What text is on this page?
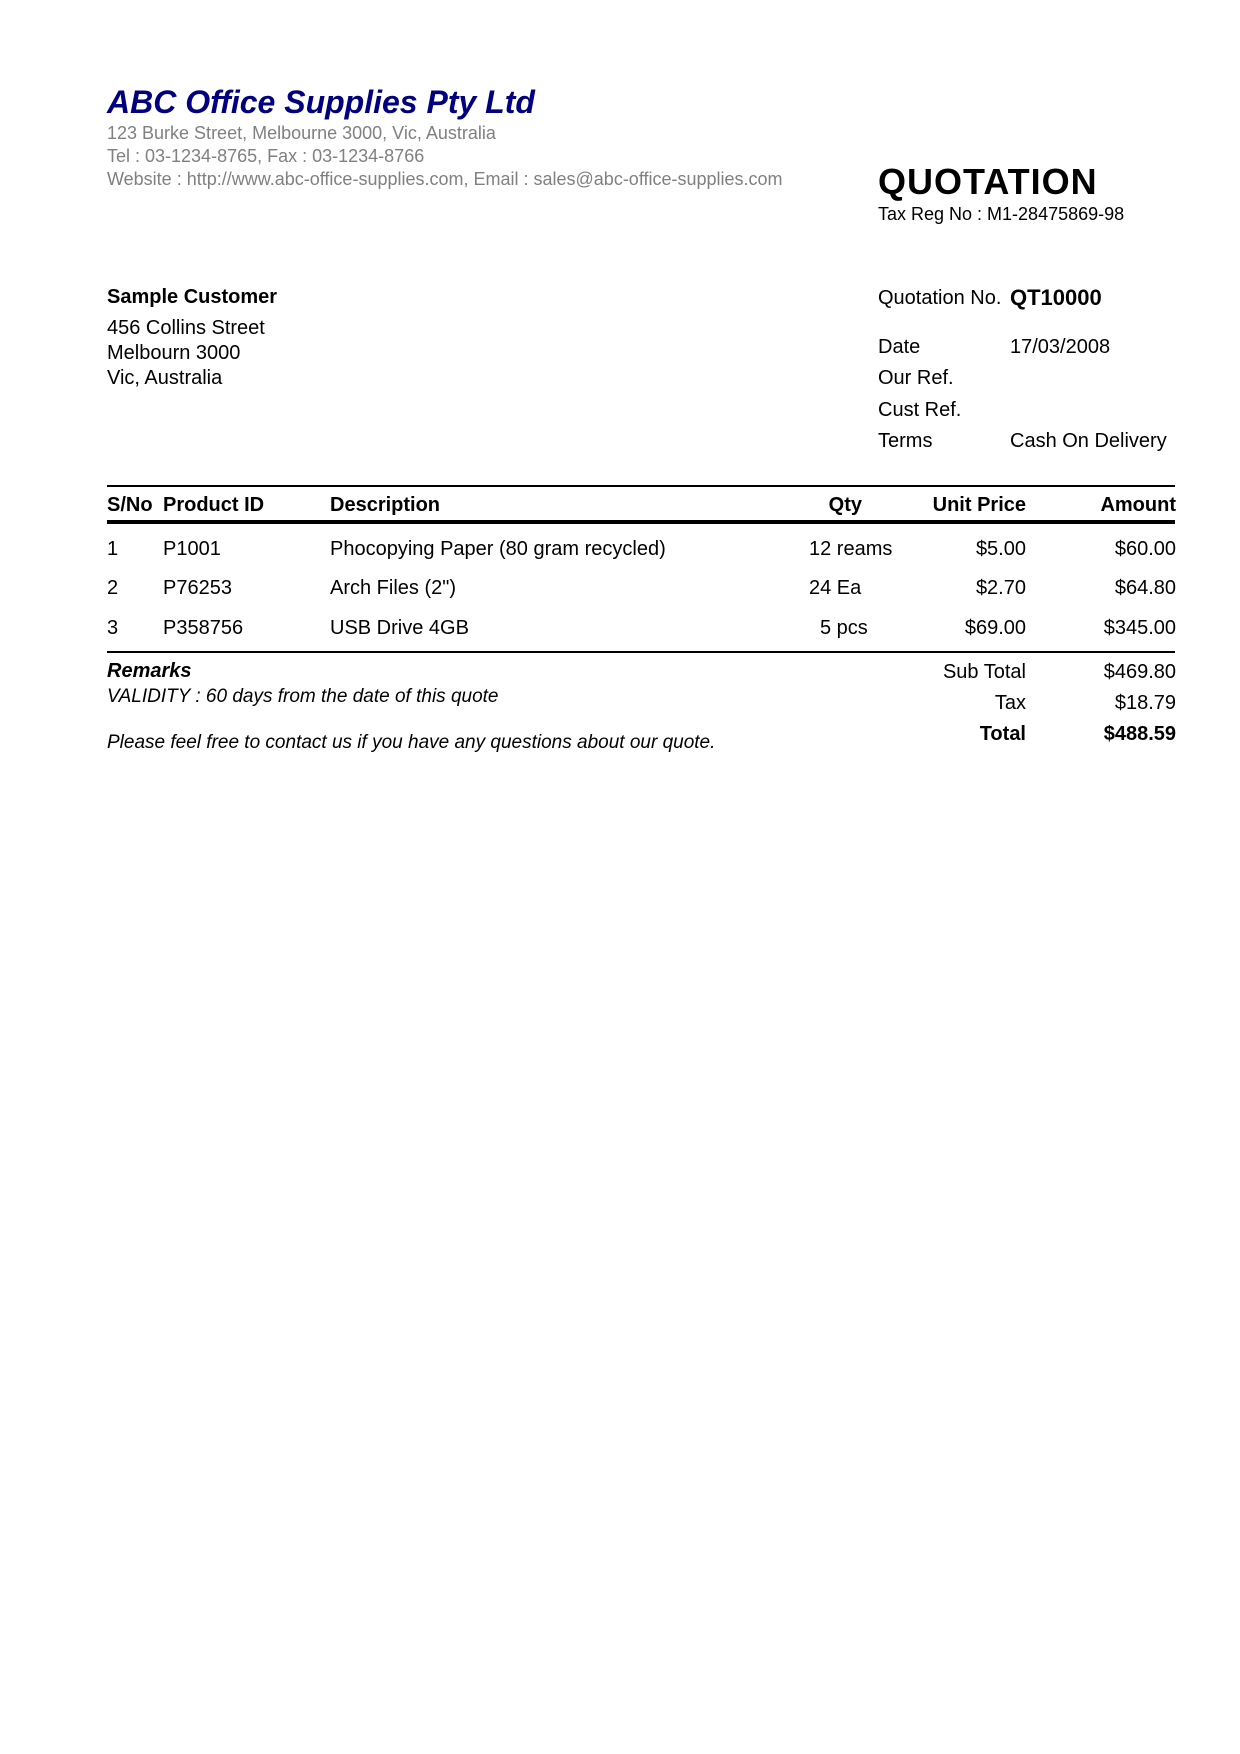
ABC Office Supplies Pty Ltd
123 Burke Street, Melbourne 3000, Vic, Australia
Tel : 03-1234-8765, Fax : 03-1234-8766
Website : http://www.abc-office-supplies.com, Email : sales@abc-office-supplies.com	QUOTATION
Tax Reg No : M1-28475869-98
Sample Customer
456 Collins Street
Melbourn 3000
Vic, Australia
Quotation No. QT10000
Date	17/03/2008
Our Ref.
Cust Ref.
Terms	Cash On Delivery
S/No Product ID	Description	Qty	Unit Price	Amount
1 P1001	Phocopying Paper (80 gram recycled)	12 reams	$5.00	$60.00
2 P76253	Arch Files (2")	24 Ea	$2.70	$64.80
3 P358756	USB Drive 4GB	5 pcs	$69.00	$345.00
Remarks
VALIDITY : 60 days from the date of this quote
Please feel free to contact us if you have any questions about our quote.
Sub Total	$469.80
Tax	$18.79
Total	$488.59
